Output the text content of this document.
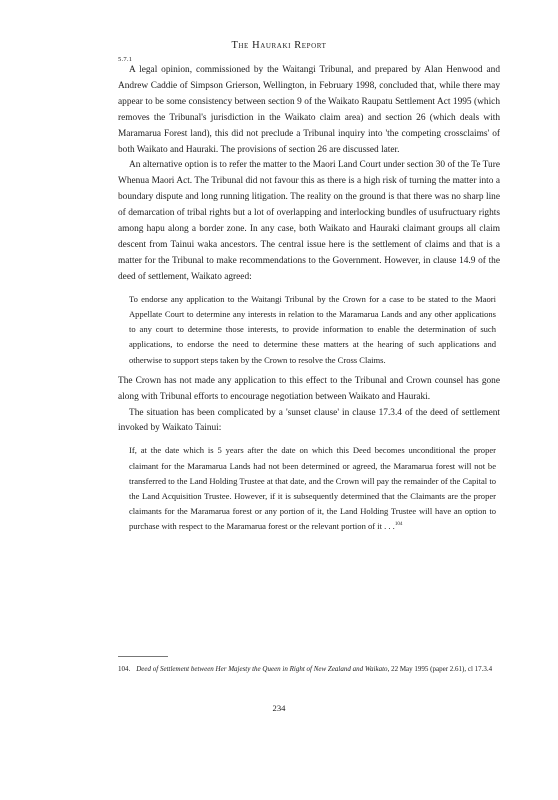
The Hauraki Report
5.7.1

A legal opinion, commissioned by the Waitangi Tribunal, and prepared by Alan Henwood and Andrew Caddie of Simpson Grierson, Wellington, in February 1998, concluded that, while there may appear to be some consistency between section 9 of the Waikato Raupatu Settlement Act 1995 (which removes the Tribunal's jurisdiction in the Waikato claim area) and section 26 (which deals with Maramarua Forest land), this did not preclude a Tribunal inquiry into 'the competing crossclaims' of both Waikato and Hauraki. The provisions of section 26 are discussed later.

An alternative option is to refer the matter to the Maori Land Court under section 30 of the Te Ture Whenua Maori Act. The Tribunal did not favour this as there is a high risk of turning the matter into a boundary dispute and long running litigation. The reality on the ground is that there was no sharp line of demarcation of tribal rights but a lot of overlapping and interlocking bundles of usufructuary rights among hapu along a border zone. In any case, both Waikato and Hauraki claimant groups all claim descent from Tainui waka ancestors. The central issue here is the settlement of claims and that is a matter for the Tribunal to make recommendations to the Government. However, in clause 14.9 of the deed of settlement, Waikato agreed:

To endorse any application to the Waitangi Tribunal by the Crown for a case to be stated to the Maori Appellate Court to determine any interests in relation to the Maramarua Lands and any other applications to any court to determine those interests, to provide information to enable the determination of such applications, to endorse the need to determine these matters at the hearing of such applications and otherwise to support steps taken by the Crown to resolve the Cross Claims.

The Crown has not made any application to this effect to the Tribunal and Crown counsel has gone along with Tribunal efforts to encourage negotiation between Waikato and Hauraki.

The situation has been complicated by a 'sunset clause' in clause 17.3.4 of the deed of settlement invoked by Waikato Tainui:

If, at the date which is 5 years after the date on which this Deed becomes unconditional the proper claimant for the Maramarua Lands had not been determined or agreed, the Maramarua forest will not be transferred to the Land Holding Trustee at that date, and the Crown will pay the remainder of the Capital to the Land Acquisition Trustee. However, if it is subsequently determined that the Claimants are the proper claimants for the Maramarua forest or any portion of it, the Land Holding Trustee will have an option to purchase with respect to the Maramarua forest or the relevant portion of it . . .$^{104}$

104. Deed of Settlement between Her Majesty the Queen in Right of New Zealand and Waikato, 22 May 1995 (paper 2.61), cl 17.3.4
234
